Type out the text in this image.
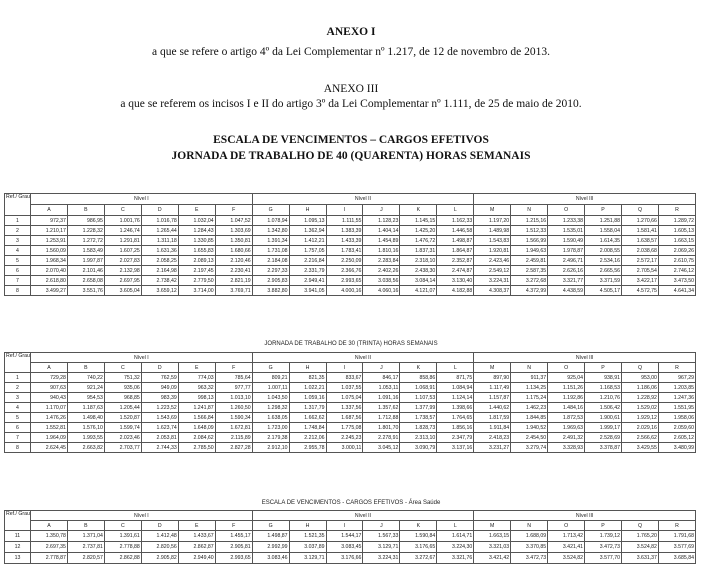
ANEXO I
a que se refere o artigo 4º da Lei Complementar nº 1.217, de 12 de novembro de 2013.
ANEXO III
a que se referem os incisos I e II do artigo 3º da Lei Complementar nº 1.111, de 25 de maio de 2010.
ESCALA DE VENCIMENTOS – CARGOS EFETIVOS
JORNADA DE TRABALHO DE 40 (QUARENTA) HORAS SEMANAIS
Ref./ Grau	Nível I						Nível II						Nível III					
	A	B	C	D	E	F	G	H	I	J	K	L	M	N	O	P	Q	R
1	972,37	986,95	1.001,76	1.016,78	1.032,04	1.047,52	1.078,94	1.095,13	1.111,55	1.128,23	1.145,15	1.162,33	1.197,20	1.215,16	1.233,38	1.251,88	1.270,66	1.289,72
2	1.210,17	1.228,32	1.246,74	1.265,44	1.284,43	1.303,69	1.342,80	1.362,94	1.383,39	1.404,14	1.425,20	1.446,58	1.489,98	1.512,33	1.535,01	1.558,04	1.581,41	1.605,13
3	1.253,91	1.272,72	1.291,81	1.311,18	1.330,85	1.350,81	1.391,34	1.412,21	1.433,39	1.454,89	1.476,72	1.498,87	1.543,83	1.566,99	1.590,49	1.614,35	1.638,57	1.663,15
4	1.560,09	1.583,49	1.607,25	1.631,36	1.655,83	1.680,66	1.731,08	1.757,05	1.783,41	1.810,16	1.837,31	1.864,87	1.920,81	1.949,63	1.978,87	2.008,55	2.038,68	2.069,26
5	1.968,34	1.997,87	2.027,83	2.058,25	2.089,13	2.120,46	2.184,08	2.216,84	2.250,09	2.283,84	2.318,10	2.352,87	2.423,46	2.459,81	2.496,71	2.534,16	2.572,17	2.610,75
6	2.070,40	2.101,46	2.132,98	2.164,98	2.197,45	2.230,41	2.297,33	2.331,79	2.366,76	2.402,26	2.438,30	2.474,87	2.549,12	2.587,35	2.626,16	2.665,56	2.705,54	2.746,12
7	2.618,80	2.658,08	2.697,95	2.738,42	2.779,50	2.821,19	2.905,83	2.949,41	2.993,65	3.038,56	3.084,14	3.130,40	3.224,31	3.272,68	3.321,77	3.371,59	3.422,17	3.473,50
8	3.499,27	3.551,76	3.605,04	3.659,12	3.714,00	3.769,71	3.882,80	3.941,05	4.000,16	4.060,16	4.121,07	4.182,88	4.308,37	4.372,99	4.438,59	4.505,17	4.572,75	4.641,34
JORNADA DE TRABALHO DE 30 (TRINTA) HORAS SEMANAIS
Ref./ Grau	Nível I						Nível II						Nível III					
	A	B	C	D	E	F	G	H	I	J	K	L	M	N	O	P	Q	R
1	729,28	740,22	751,32	762,59	774,03	785,64	809,21	821,35	833,67	846,17	858,86	871,75	897,90	911,37	925,04	938,91	953,00	967,29
2	907,63	921,24	935,06	949,09	963,32	977,77	1.007,11	1.022,21	1.037,55	1.053,11	1.068,91	1.084,94	1.117,49	1.134,25	1.151,26	1.168,53	1.186,06	1.203,85
3	940,43	954,53	968,85	983,39	998,13	1.013,10	1.043,50	1.059,16	1.075,04	1.091,16	1.107,53	1.124,14	1.157,87	1.175,24	1.192,86	1.210,76	1.228,92	1.247,36
4	1.170,07	1.187,63	1.205,44	1.223,52	1.241,87	1.260,50	1.298,32	1.317,79	1.337,56	1.357,62	1.377,99	1.398,66	1.440,62	1.462,23	1.484,16	1.506,42	1.529,02	1.551,95
5	1.476,26	1.498,40	1.520,87	1.543,69	1.566,84	1.590,34	1.638,05	1.662,62	1.687,56	1.712,88	1.738,57	1.764,65	1.817,59	1.844,85	1.872,53	1.900,61	1.929,12	1.958,06
6	1.552,81	1.576,10	1.599,74	1.623,74	1.648,09	1.672,81	1.723,00	1.748,84	1.775,08	1.801,70	1.828,73	1.856,16	1.911,84	1.940,52	1.969,63	1.999,17	2.029,16	2.059,60
7	1.964,09	1.993,55	2.023,46	2.053,81	2.084,62	2.115,89	2.179,38	2.212,06	2.245,23	2.278,91	2.313,10	2.347,79	2.418,23	2.454,50	2.491,32	2.528,69	2.566,62	2.605,12
8	2.624,45	2.663,82	2.703,77	2.744,33	2.785,50	2.827,28	2.912,10	2.955,78	3.000,11	3.045,12	3.090,79	3.137,16	3.231,27	3.279,74	3.328,93	3.378,87	3.429,55	3.480,99
ESCALA DE VENCIMENTOS - CARGOS EFETIVOS - Área Saúde
Ref./ Grau	Nível I						Nível II						Nível III					
	A	B	C	D	E	F	G	H	I	J	K	L	M	N	O	P	Q	R
11	1.350,78	1.371,04	1.391,61	1.412,48	1.433,67	1.455,17	1.498,87	1.521,35	1.544,17	1.567,33	1.590,84	1.614,71	1.663,15	1.688,09	1.713,42	1.739,12	1.765,20	1.791,68
12	2.697,35	2.737,81	2.778,88	2.820,56	2.862,87	2.905,81	2.992,99	3.037,89	3.083,45	3.129,71	3.176,65	3.224,30	3.321,03	3.370,85	3.421,41	3.472,73	3.524,82	3.577,69
13	2.778,87	2.820,57	2.862,88	2.905,82	2.949,40	2.993,65	3.083,46	3.129,71	3.176,66	3.224,31	3.272,67	3.321,76	3.421,42	3.472,73	3.524,82	3.577,70	3.631,37	3.685,84
